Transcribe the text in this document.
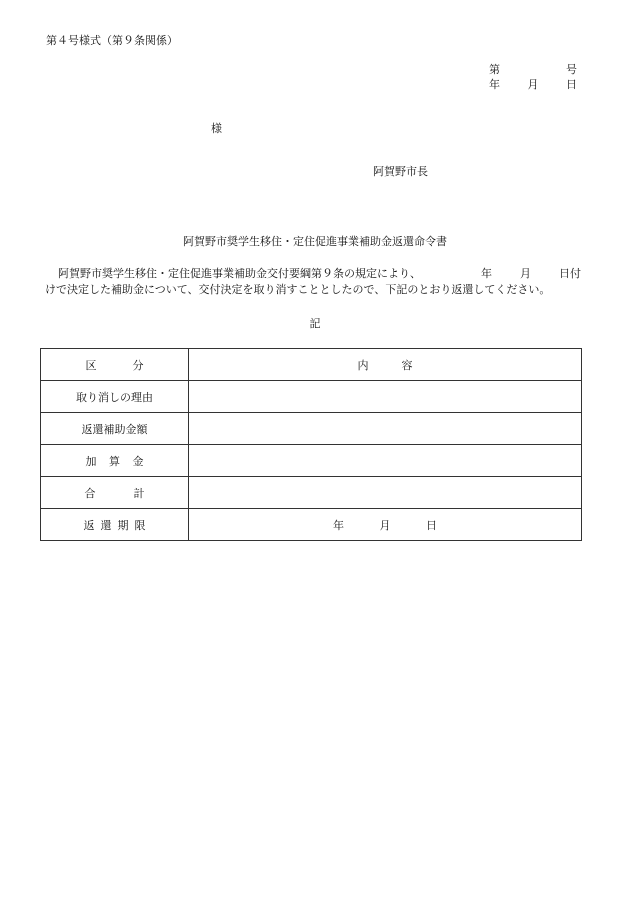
第４号様式（第９条関係）
第	号
年	月	日
様
阿賀野市長
阿賀野市奨学生移住・定住促進事業補助金返還命令書
阿賀野市奨学生移住・定住促進事業補助金交付要綱第９条の規定により、	年	月	日付
けで決定した補助金について、交付決定を取り消すこととしたので、下記のとおり返還してください。
記
区 分	内 容

取り消しの理由	
返還補助金額	

加 算 金	

合 計	

返 還 期 限	年 月 日
